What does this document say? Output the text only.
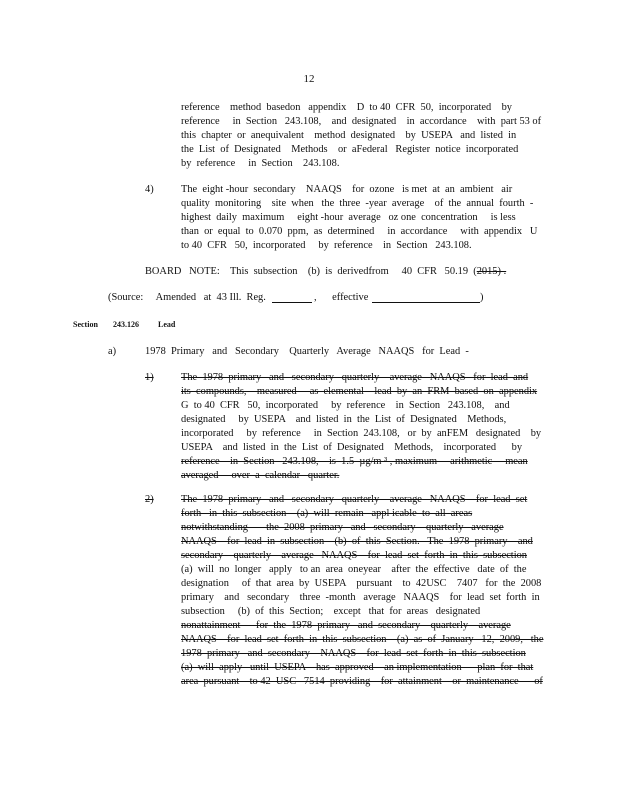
12
reference    method  basedon   appendix    D  to 40  CFR  50,  incorporated    by
reference     in  Section   243.108,    and  designated    in  accordance    with  part 53 of
this  chapter  or  anequivalent    method  designated    by  USEPA   and  listed  in
the  List  of  Designated    Methods    or  aFederal   Register  notice  incorporated
by  reference     in  Section    243.108.
4)	The  eight -hour  secondary    NAAQS    for  ozone   is met  at  an  ambient   air
quality  monitoring    site  when   the  three  -year  average    of  the  annual  fourth  -
highest  daily  maximum     eight -hour  average   oz one  concentration     is less
than  or  equal  to  0.070  ppm,  as  determined     in  accordance     with  appendix   U
to 40  CFR   50,  incorporated     by  reference    in  Section   243.108.
BOARD   NOTE:    This  subsection    (b)  is  derivedfrom     40  CFR   50.19  (2015) .
(Source:     Amended   at  43 Ill.  Reg.	,      effective	)
Section 243.126 Lead
a)	1978  Primary   and   Secondary    Quarterly   Average   NAAQS   for  Lead  -
1)	The  1978  primary   and   secondary   quarterly    average   NAAQS   for  lead  and
its  compounds,    measured     as  elemental    lead  by  an  FRM  based  on  appendix
G  to 40  CFR   50,  incorporated     by  reference    in  Section   243.108,    and
designated     by  USEPA    and  listed  in  the  List  of  Designated    Methods,
incorporated     by  reference     in  Section  243.108,   or  by  anFEM   designated    by
USEPA    and  listed  in  the  List  of  Designated    Methods,    incorporated      by
reference    in  Section   243.108,    is  1.5  µg/m ³ , maximum     arithmetic     mean
averaged     over  a  calendar   quarter.
2)	The  1978  primary   and   secondary   quarterly    average   NAAQS    for  lead  set
forth   in  this  subsection    (a)  will  remain   appl icable  to  all  areas
notwithstanding       the  2008  primary   and   secondary    quarterly   average
NAAQS    for  lead  in  subsection    (b)  of  this  Section.   The  1978  primary    and
secondary    quarterly    average   NAAQS    for  lead  set  forth  in  this  subsection
(a)  will  no  longer   apply   to an  area  oneyear    after  the  effective   date  of  the
designation     of  that  area  by  USEPA    pursuant    to  42USC    7407   for  the  2008
primary    and   secondary    three  -month   average   NAAQS    for  lead  set  forth  in
subsection     (b)  of  this  Section;    except   that  for  areas   designated
nonattainment      for  the  1978  primary   and  secondary    quarterly    average
NAAQS    for  lead  set  forth  in  this  subsection    (a)  as  of  January   12,  2009,   the
1978  primary   and  secondary    NAAQS    for  lead  set  forth  in  this  subsection
(a)  will  apply   until  USEPA    has  approved    an implementation      plan  for  that
area  pursuant    to 42  USC   7514  providing    for  attainment    or  maintenance      of
